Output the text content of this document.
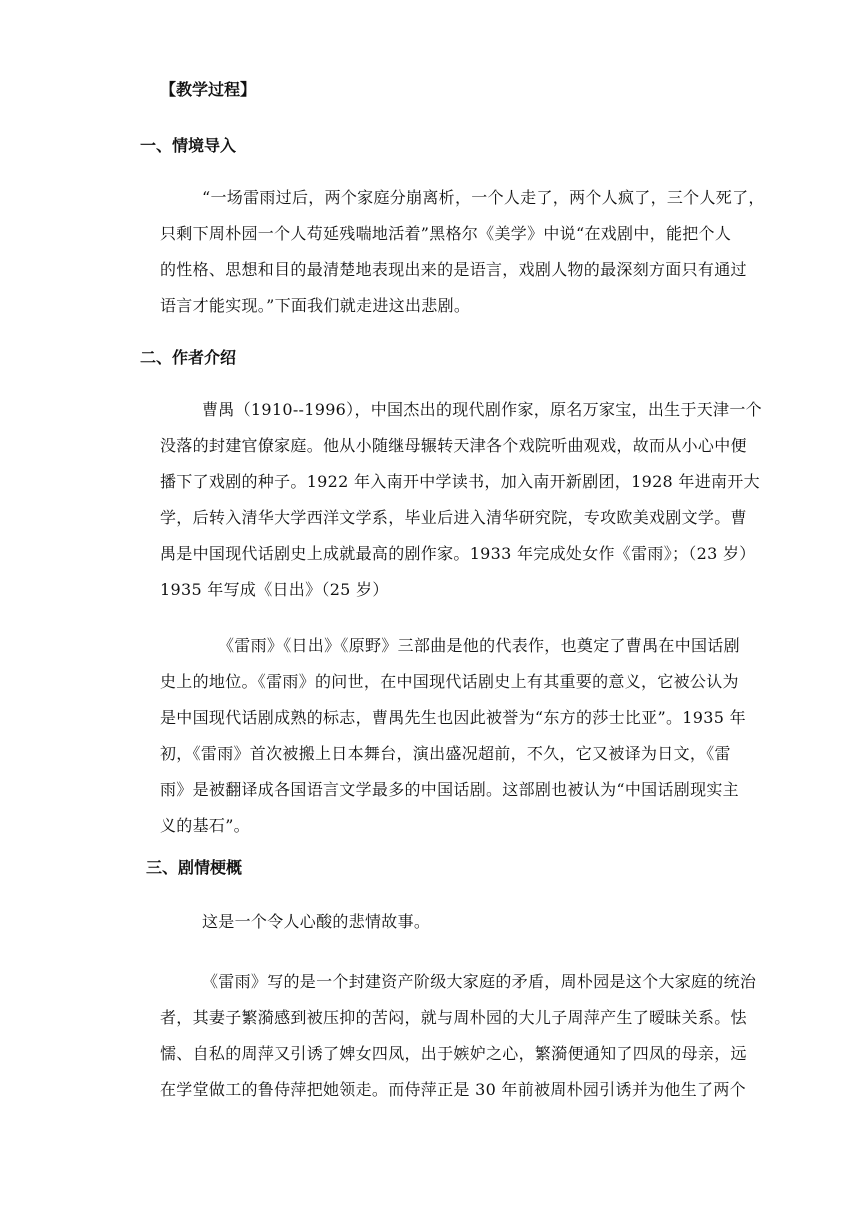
【教学过程】
一、情境导入
“一场雷雨过后，两个家庭分崩离析，一个人走了，两个人疯了，三个人死了，
只剩下周朴园一个人苟延残喘地活着”黑格尔《美学》中说“在戏剧中，能把个人
的性格、思想和目的最清楚地表现出来的是语言，戏剧人物的最深刻方面只有通过
语言才能实现。”下面我们就走进这出悲剧。
二、作者介绍
曹禺（1910--1996），中国杰出的现代剧作家，原名万家宝，出生于天津一个
没落的封建官僚家庭。他从小随继母辗转天津各个戏院听曲观戏，故而从小心中便
播下了戏剧的种子。1922 年入南开中学读书，加入南开新剧团，1928 年进南开大
学，后转入清华大学西洋文学系，毕业后进入清华研究院，专攻欧美戏剧文学。曹
禺是中国现代话剧史上成就最高的剧作家。1933 年完成处女作《雷雨》；（23 岁）
1935 年写成《日出》（25 岁）
《雷雨》《日出》《原野》三部曲是他的代表作，也奠定了曹禺在中国话剧
史上的地位。《雷雨》的问世，在中国现代话剧史上有其重要的意义，它被公认为
是中国现代话剧成熟的标志，曹禺先生也因此被誉为“东方的莎士比亚”。1935 年
初，《雷雨》首次被搬上日本舞台，演出盛况超前，不久，它又被译为日文，《雷
雨》是被翻译成各国语言文学最多的中国话剧。这部剧也被认为“中国话剧现实主
义的基石”。
三、剧情梗概
这是一个令人心酸的悲情故事。
《雷雨》写的是一个封建资产阶级大家庭的矛盾，周朴园是这个大家庭的统治
者，其妻子繁漪感到被压抑的苦闷，就与周朴园的大儿子周萍产生了暧昧关系。怯
懦、自私的周萍又引诱了婢女四凤，出于嫉妒之心，繁漪便通知了四凤的母亲，远
在学堂做工的鲁侍萍把她领走。而侍萍正是 30 年前被周朴园引诱并为他生了两个
